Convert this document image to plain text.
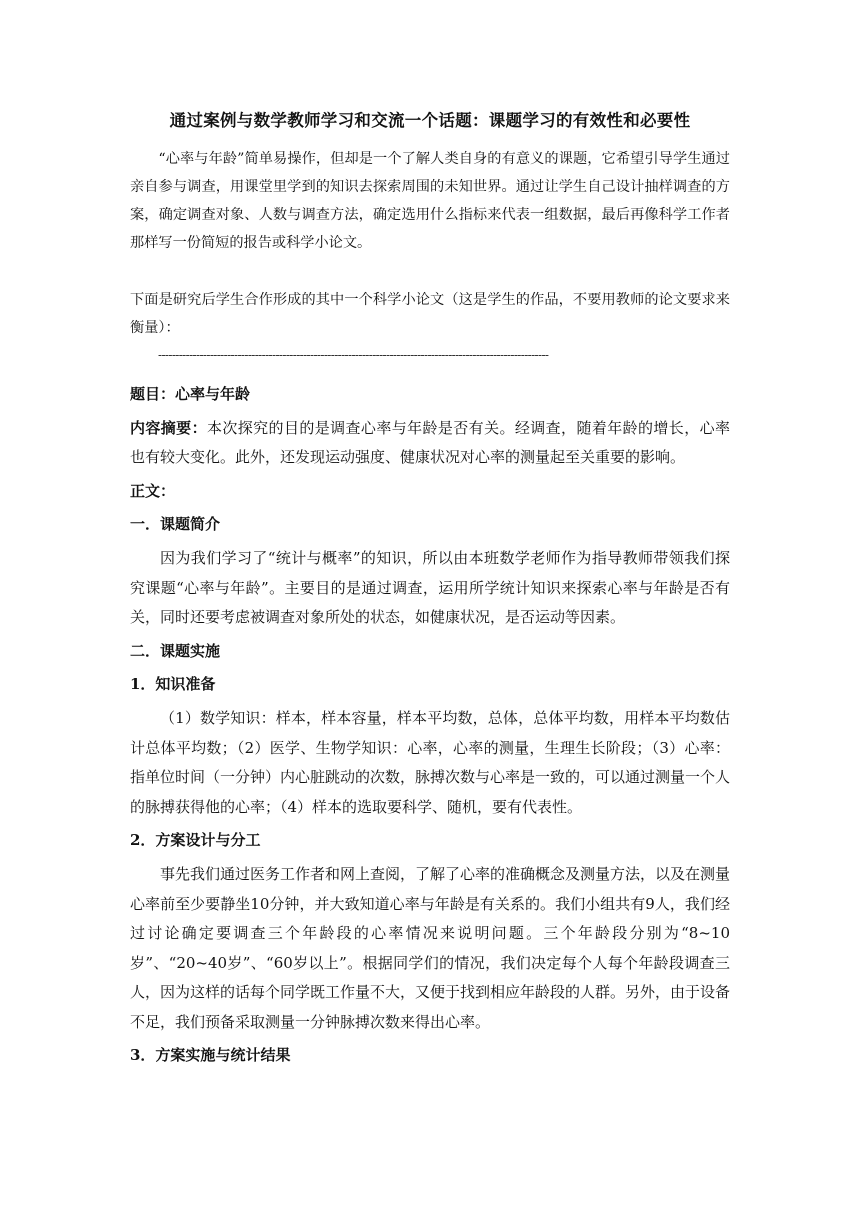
通过案例与数学教师学习和交流一个话题：课题学习的有效性和必要性

“心率与年龄”简单易操作，但却是一个了解人类自身的有意义的课题，它希望引导学生通过亲自参与调查，用课堂里学到的知识去探索周围的未知世界。通过让学生自己设计抽样调查的方案，确定调查对象、人数与调查方法，确定选用什么指标来代表一组数据，最后再像科学工作者那样写一份简短的报告或科学小论文。

下面是研究后学生合作形成的其中一个科学小论文（这是学生的作品，不要用教师的论文要求来衡量）：

-----------------------------------------------------------------------------------------------------------------

题目：心率与年龄

内容摘要：本次探究的目的是调查心率与年龄是否有关。经调查，随着年龄的增长，心率也有较大变化。此外，还发现运动强度、健康状况对心率的测量起至关重要的影响。

正文：

一．课题简介

因为我们学习了“统计与概率”的知识，所以由本班数学老师作为指导教师带领我们探究课题“心率与年龄”。主要目的是通过调查，运用所学统计知识来探索心率与年龄是否有关，同时还要考虑被调查对象所处的状态，如健康状况，是否运动等因素。

二．课题实施

1．知识准备

（1）数学知识：样本，样本容量，样本平均数，总体，总体平均数，用样本平均数估计总体平均数；（2）医学、生物学知识：心率，心率的测量，生理生长阶段；（3）心率：指单位时间（一分钟）内心脏跳动的次数，脉搏次数与心率是一致的，可以通过测量一个人的脉搏获得他的心率；（4）样本的选取要科学、随机，要有代表性。

2．方案设计与分工

事先我们通过医务工作者和网上查阅，了解了心率的准确概念及测量方法，以及在测量心率前至少要静坐10分钟，并大致知道心率与年龄是有关系的。我们小组共有9人，我们经过讨论确定要调查三个年龄段的心率情况来说明问题。三个年龄段分别为“8~10 岁”、“20~40岁”、“60岁以上”。根据同学们的情况，我们决定每个人每个年龄段调查三人，因为这样的话每个同学既工作量不大，又便于找到相应年龄段的人群。另外，由于设备不足，我们预备采取测量一分钟脉搏次数来得出心率。

3．方案实施与统计结果
